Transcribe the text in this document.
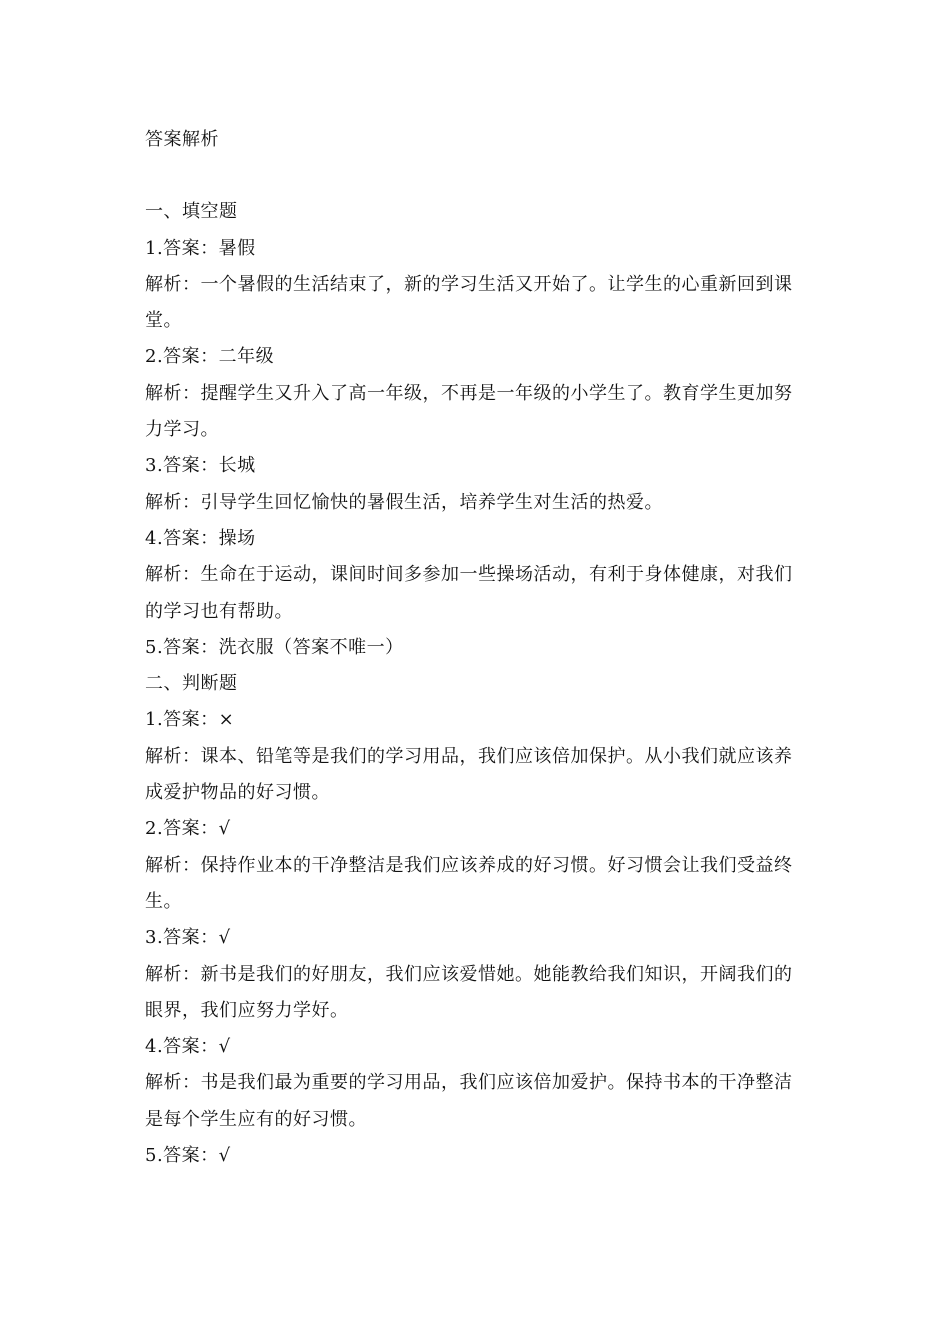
答案解析
一、填空题

1.答案：暑假

解析：一个暑假的生活结束了，新的学习生活又开始了。让学生的心重新回到课堂。

2.答案：二年级

解析：提醒学生又升入了高一年级，不再是一年级的小学生了。教育学生更加努力学习。

3.答案：长城

解析：引导学生回忆愉快的暑假生活，培养学生对生活的热爱。

4.答案：操场

解析：生命在于运动，课间时间多参加一些操场活动，有利于身体健康，对我们的学习也有帮助。

5.答案：洗衣服（答案不唯一）

二、判断题

1.答案：×

解析：课本、铅笔等是我们的学习用品，我们应该倍加保护。从小我们就应该养成爱护物品的好习惯。

2.答案：√

解析：保持作业本的干净整洁是我们应该养成的好习惯。好习惯会让我们受益终生。

3.答案：√

解析：新书是我们的好朋友，我们应该爱惜她。她能教给我们知识，开阔我们的眼界，我们应努力学好。

4.答案：√

解析：书是我们最为重要的学习用品，我们应该倍加爱护。保持书本的干净整洁是每个学生应有的好习惯。

5.答案：√
